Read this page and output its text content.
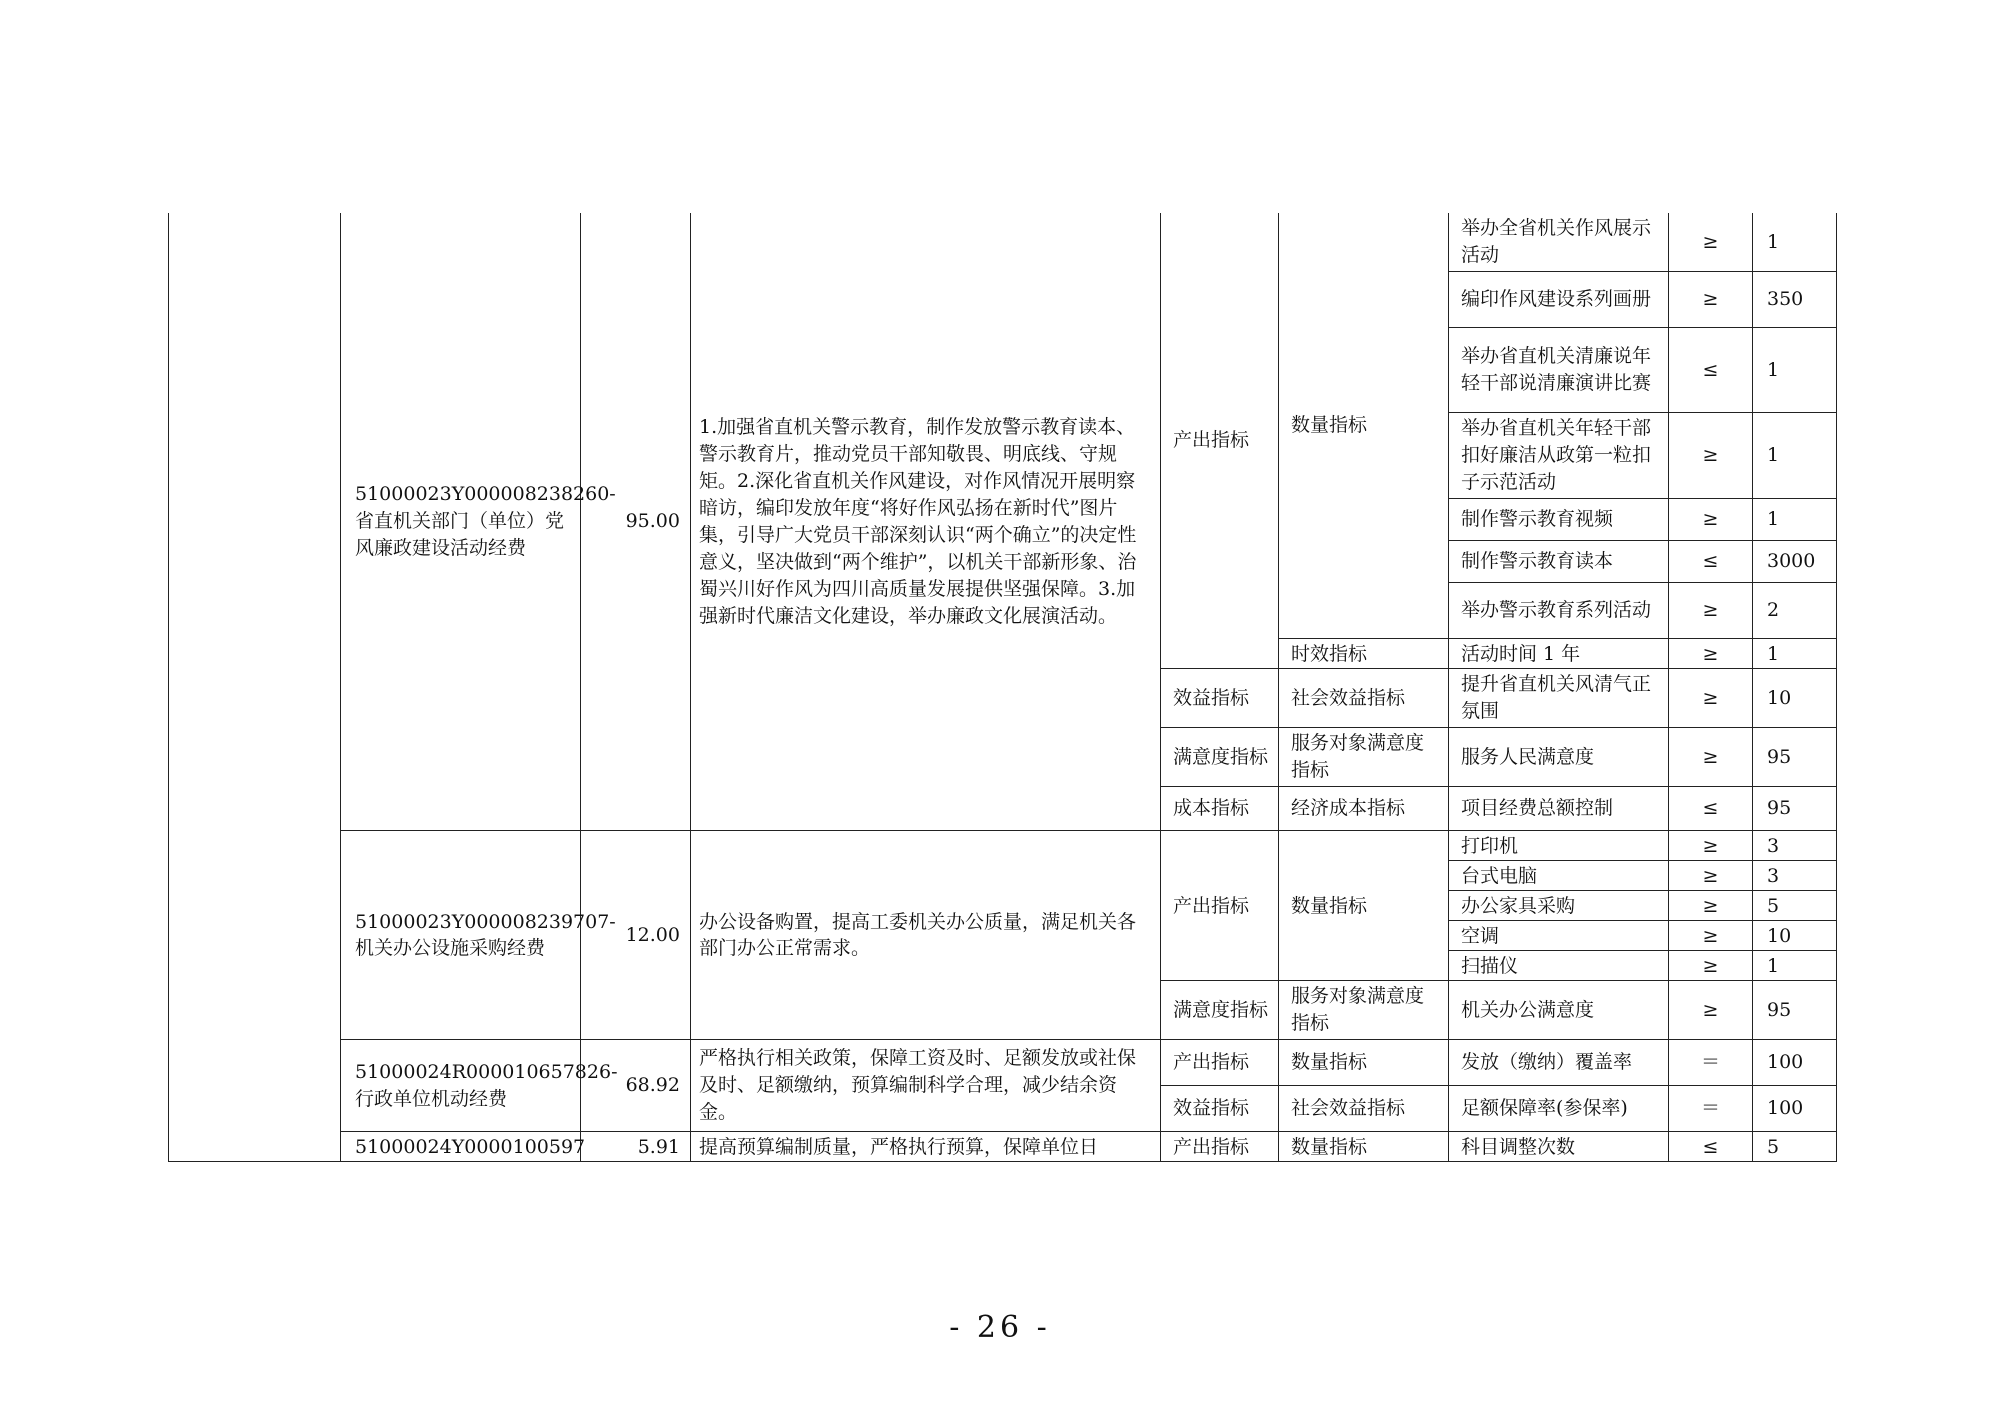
	51000023Y000008238260-省直机关部门（单位）党风廉政建设活动经费	95.00	1.加强省直机关警示教育，制作发放警示教育读本、警示教育片，推动党员干部知敬畏、明底线、守规矩。2.深化省直机关作风建设，对作风情况开展明察暗访，编印发放年度“将好作风弘扬在新时代”图片集，引导广大党员干部深刻认识“两个确立”的决定性意义，坚决做到“两个维护”，以机关干部新形象、治蜀兴川好作风为四川高质量发展提供坚强保障。3.加强新时代廉洁文化建设，举办廉政文化展演活动。	产出指标	数量指标	举办全省机关作风展示活动	≥	1
						编印作风建设系列画册	≥	350
						举办省直机关清廉说年轻干部说清廉演讲比赛	≤	1
						举办省直机关年轻干部扣好廉洁从政第一粒扣子示范活动	≥	1
						制作警示教育视频	≥	1
						制作警示教育读本	≤	3000
						举办警示教育系列活动	≥	2
					时效指标	活动时间 1 年	≥	1
				效益指标	社会效益指标	提升省直机关风清气正氛围	≥	10
				满意度指标	服务对象满意度指标	服务人民满意度	≥	95
				成本指标	经济成本指标	项目经费总额控制	≤	95
	51000023Y000008239707-机关办公设施采购经费	12.00	办公设备购置，提高工委机关办公质量，满足机关各部门办公正常需求。	产出指标	数量指标	打印机	≥	3
						台式电脑	≥	3
						办公家具采购	≥	5
						空调	≥	10
						扫描仪	≥	1
				满意度指标	服务对象满意度指标	机关办公满意度	≥	95
	51000024R000010657826-行政单位机动经费	68.92	严格执行相关政策，保障工资及时、足额发放或社保及时、足额缴纳，预算编制科学合理，减少结余资金。	产出指标	数量指标	发放（缴纳）覆盖率	＝	100
				效益指标	社会效益指标	足额保障率(参保率)	＝	100
	51000024Y0000100597	5.91	提高预算编制质量，严格执行预算，保障单位日	产出指标	数量指标	科目调整次数	≤	5
- 26 -
